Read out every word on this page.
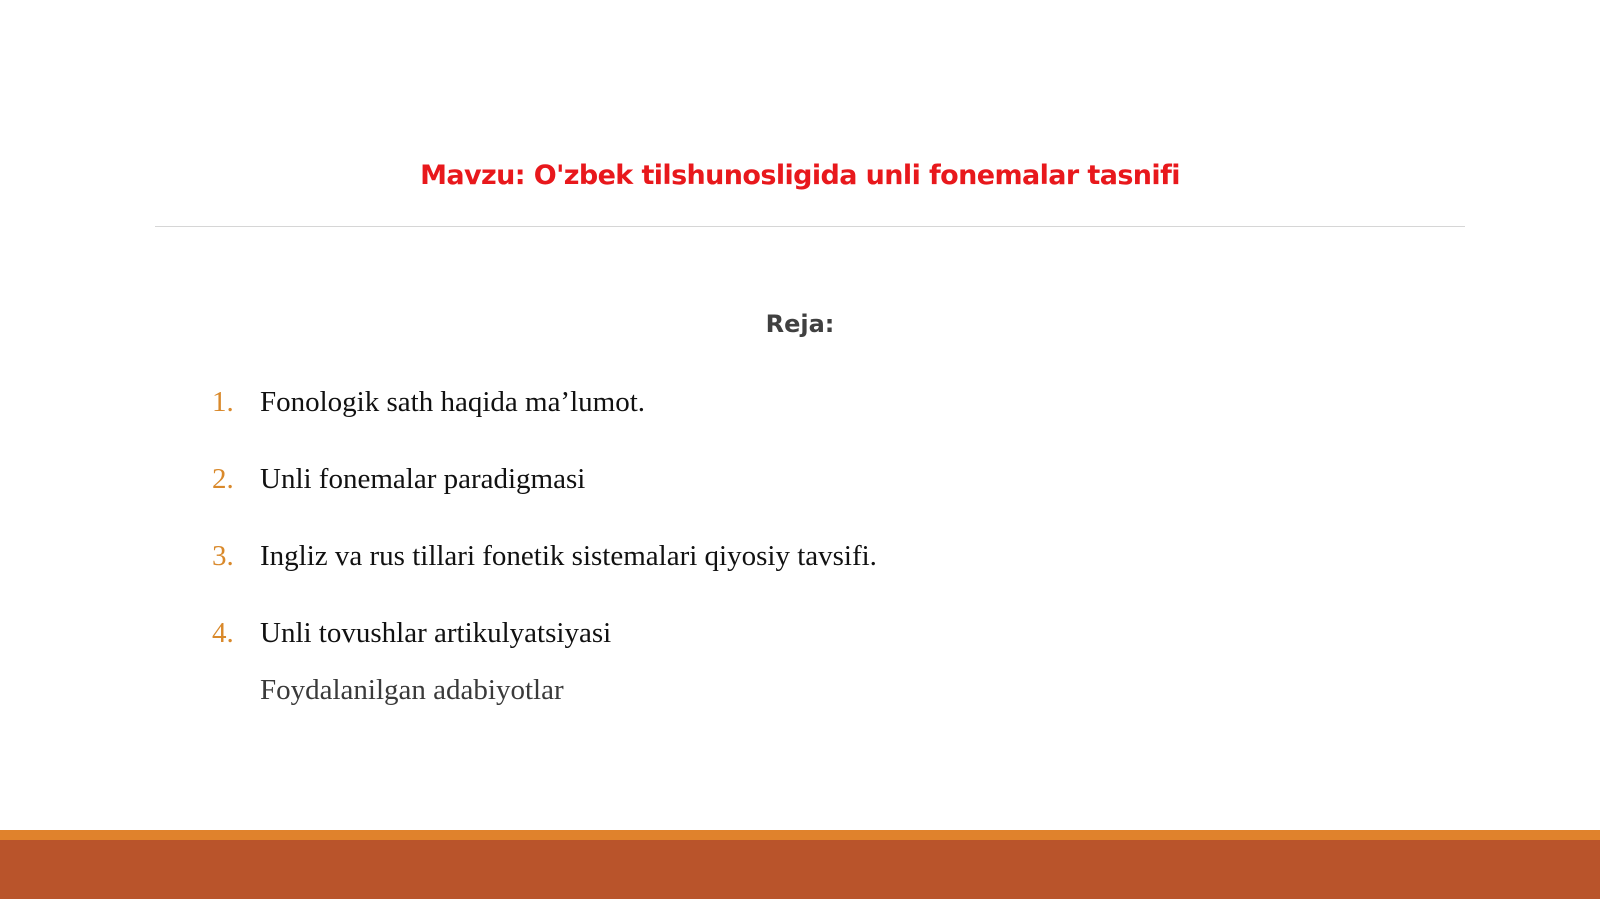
Mavzu: O'zbek tilshunosligida unli fonemalar tasnifi
Reja:
1. Fonologik sath haqida ma’lumot.
2. Unli fonemalar paradigmasi
3. Ingliz va rus tillari fonetik sistemalari qiyosiy tavsifi.
4. Unli tovushlar artikulyatsiyasi
Foydalanilgan adabiyotlar
